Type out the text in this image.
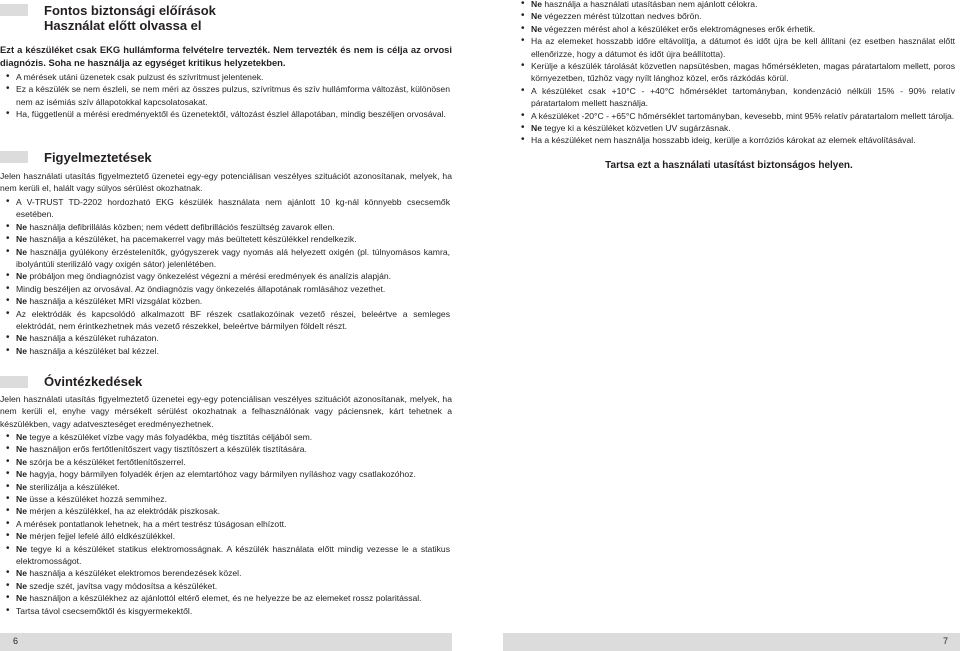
Fontos biztonsági előírások
Használat előtt olvassa el
Ezt a készüléket csak EKG hullámforma felvételre tervezték. Nem tervezték és nem is célja az orvosi diagnózis. Soha ne használja az egységet kritikus helyzetekben.
• A mérések utáni üzenetek csak pulzust és szívritmust jelentenek.
• Ez a készülék se nem észleli, se nem méri az összes pulzus, szívritmus és szív hullámforma változást, különösen nem az isémiás szív állapotokkal kapcsolatosakat.
• Ha, függetlenül a mérési eredményektől és üzenetektől, változást észlel állapotában, mindig beszéljen orvosával.
Figyelmeztetések
Jelen használati utasítás figyelmeztető üzenetei egy-egy potenciálisan veszélyes szituációt azonosítanak, melyek, ha nem kerüli el, halált vagy súlyos sérülést okozhatnak.
• A V-TRUST TD-2202 hordozható EKG készülék használata nem ajánlott 10 kg-nál könnyebb csecsemők esetében.
• Ne használja defibrillálás közben; nem védett defibrillációs feszültség zavarok ellen.
• Ne használja a készüléket, ha pacemakerrel vagy más beültetett készülékkel rendelkezik.
• Ne használja gyúlékony érzéstelenítők, gyógyszerek vagy nyomás alá helyezett oxigén (pl. túlnyomásos kamra, ibolyántúli sterilizáló vagy oxigén sátor) jelenlétében.
• Ne próbáljon meg öndiagnózist vagy önkezelést végezni a mérési eredmények és analízis alapján.
• Mindig beszéljen az orvosával. Az öndiagnózis vagy önkezelés állapotának romlásához vezethet.
• Ne használja a készüléket MRI vizsgálat közben.
• Az elektródák és kapcsolódó alkalmazott BF részek csatlakozóinak vezető részei, beleértve a semleges elektródát, nem érintkezhetnek más vezető részekkel, beleértve bármilyen földelt részt.
• Ne használja a készüléket ruházaton.
• Ne használja a készüléket bal kézzel.
Óvintézkedések
Jelen használati utasítás figyelmeztető üzenetei egy-egy potenciálisan veszélyes szituációt azonosítanak, melyek, ha nem kerüli el, enyhe vagy mérsékelt sérülést okozhatnak a felhasználónak vagy páciensnek, kárt tehetnek a készülékben, vagy adatveszteséget eredményezhetnek.
• Ne tegye a készüléket vízbe vagy más folyadékba, még tisztítás céljából sem.
• Ne használjon erős fertőtlenítőszert vagy tisztítószert a készülék tisztítására.
• Ne szórja be a készüléket fertőtlenítőszerrel.
• Ne hagyja, hogy bármilyen folyadék érjen az elemtartóhoz vagy bármilyen nyíláshoz vagy csatlakozóhoz.
• Ne sterilizálja a készüléket.
• Ne üsse a készüléket hozzá semmihez.
• Ne mérjen a készülékkel, ha az elektródák piszkosak.
• A mérések pontatlanok lehetnek, ha a mért testrész túságosan elhízott.
• Ne mérjen fejjel lefelé álló eldkészülékkel.
• Ne tegye ki a készüléket statikus elektromosságnak. A készülék használata előtt mindig vezesse le a statikus elektromosságot.
• Ne használja a készüléket elektromos berendezések közel.
• Ne szedje szét, javítsa vagy módosítsa a készüléket.
• Ne használjon a készülékhez az ajánlottól eltérő elemet, és ne helyezze be az elemeket rossz polaritással.
• Tartsa távol csecsemőktől és kisgyermekektől.
• Ne használja a használati utasításban nem ajánlott célokra.
• Ne végezzen mérést túlzottan nedves bőrön.
• Ne végezzen mérést ahol a készüléket erős elektromágneses erők érhetik.
• Ha az elemeket hosszabb időre eltávolítja, a dátumot és időt újra be kell állítani (ez esetben használat előtt ellenőrizze, hogy a dátumot és időt újra beállította).
• Kerülje a készülék tárolását közvetlen napsütésben, magas hőmérsékleten, magas páratartalom mellett, poros környezetben, tűzhöz vagy nyílt lánghoz közel, erős rázkódás körül.
• A készüléket csak +10°C - +40°C hőmérséklet tartományban, kondenzáció nélküli 15% - 90% relatív páratartalom mellett használja.
• A készüléket -20°C - +65°C hőmérséklet tartományban, kevesebb, mint 95% relatív páratartalom mellett tárolja.
• Ne tegye ki a készüléket közvetlen UV sugárzásnak.
• Ha a készüléket nem használja hosszabb ideig, kerülje a korróziós károkat az elemek eltávolításával.
Tartsa ezt a használati utasítást biztonságos helyen.
6	7
